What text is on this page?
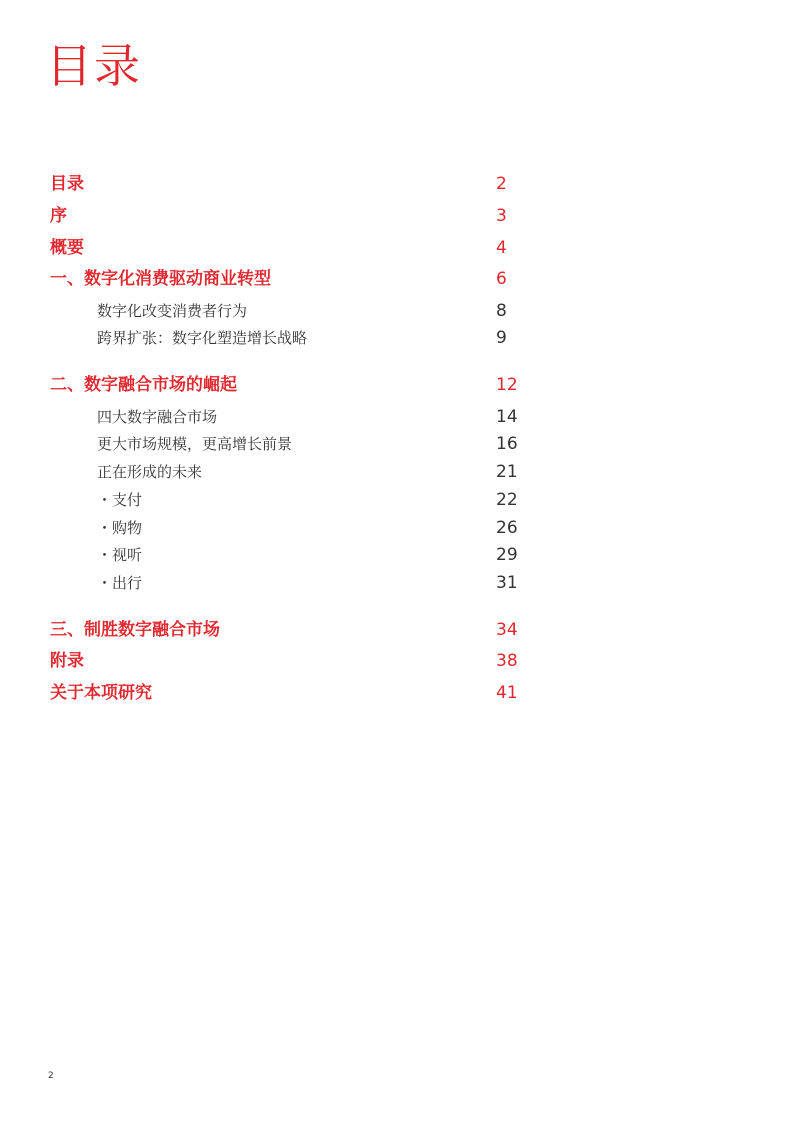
目录
目录	2
序	3
概要	4
一、数字化消费驱动商业转型	6
数字化改变消费者行为	8
跨界扩张：数字化塑造增长战略	9
二、数字融合市场的崛起	12
四大数字融合市场	14
更大市场规模，更高增长前景	16
正在形成的未来	21
・支付	22
・购物	26
・视听	29
・出行	31
三、制胜数字融合市场	34
附录	38
关于本项研究	41
2
